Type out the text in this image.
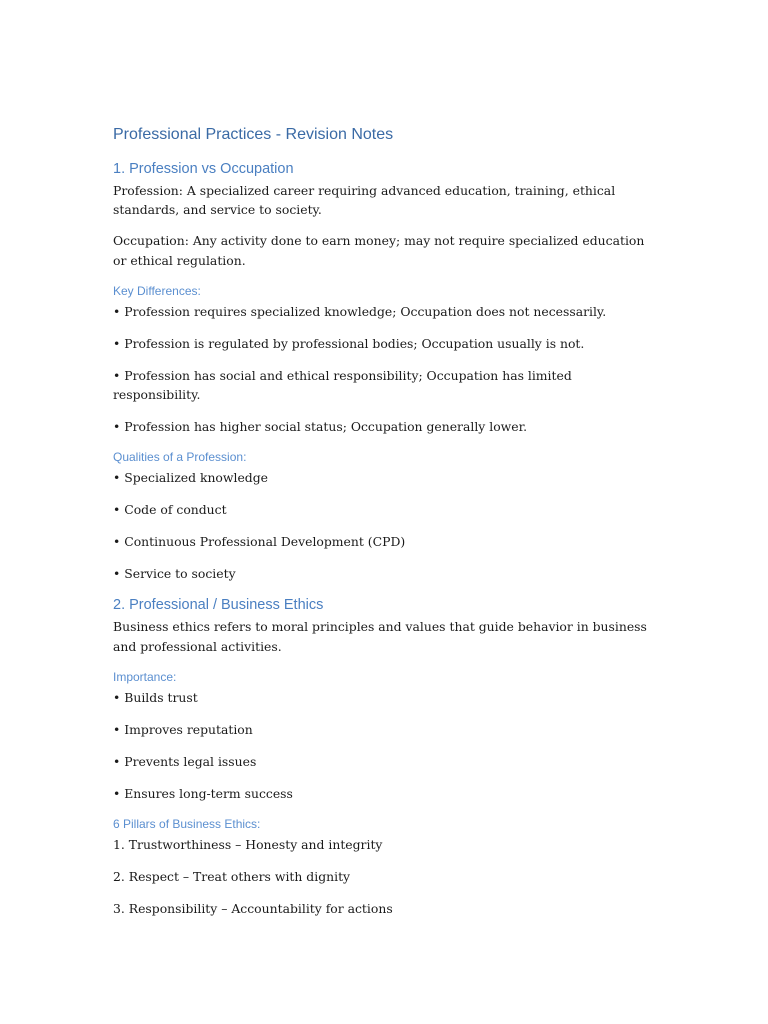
Professional Practices - Revision Notes
1. Profession vs Occupation
Profession: A specialized career requiring advanced education, training, ethical standards, and service to society.
Occupation: Any activity done to earn money; may not require specialized education or ethical regulation.
Key Differences:
• Profession requires specialized knowledge; Occupation does not necessarily.
• Profession is regulated by professional bodies; Occupation usually is not.
• Profession has social and ethical responsibility; Occupation has limited responsibility.
• Profession has higher social status; Occupation generally lower.
Qualities of a Profession:
• Specialized knowledge
• Code of conduct
• Continuous Professional Development (CPD)
• Service to society
2. Professional / Business Ethics
Business ethics refers to moral principles and values that guide behavior in business and professional activities.
Importance:
• Builds trust
• Improves reputation
• Prevents legal issues
• Ensures long-term success
6 Pillars of Business Ethics:
1. Trustworthiness – Honesty and integrity
2. Respect – Treat others with dignity
3. Responsibility – Accountability for actions
